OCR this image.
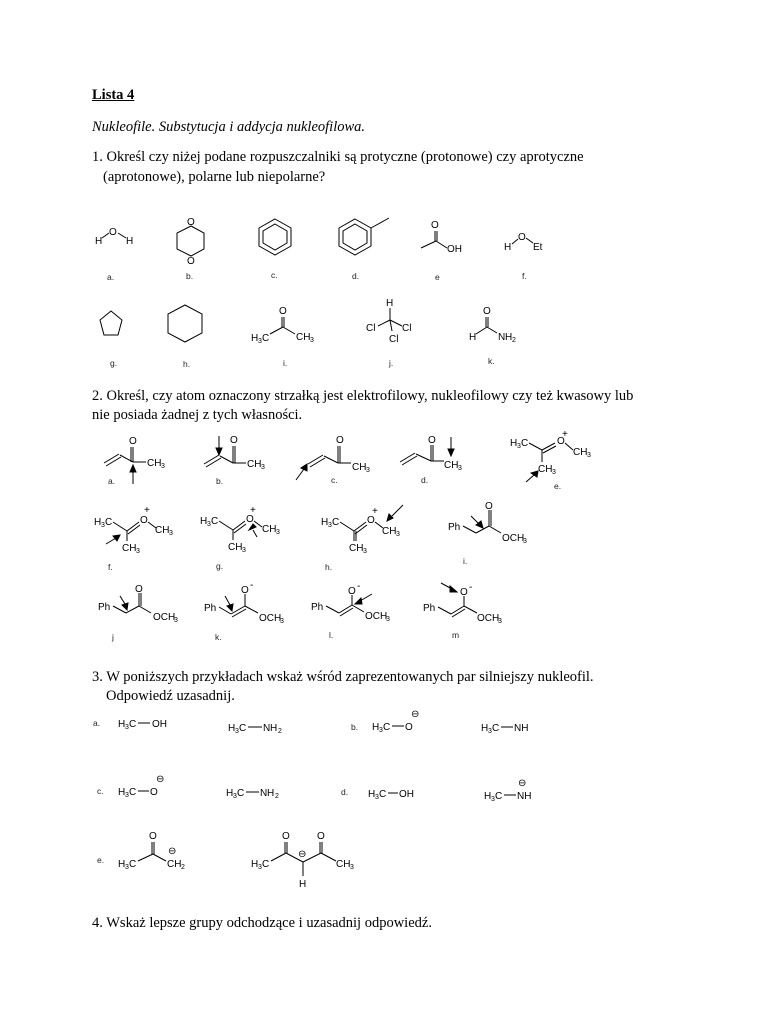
Lista 4
Nukleofile. Substytucja i addycja nukleofilowa.
1. Określ czy niżej podane rozpuszczalniki są protyczne (protonowe) czy aprotyczne
(aprotonowe), polarne lub niepolarne?
2. Określ, czy atom oznaczony strzałką jest elektrofilowy, nukleofilowy czy też kwasowy lub
nie posiada żadnej z tych własności.
3. W poniższych przykładach wskaż wśród zaprezentowanych par silniejszy nukleofil.
Odpowiedź uzasadnij.
4. Wskaż lepsze grupy odchodzące i uzasadnij odpowiedź.
H
O
H
O
O
O
OH	H
O
Et
a.	b.	c.	d.	e	f.
O
H 3 C	CH 3
H
Cl	Cl
Cl
O
H N H 2
g.	h.	i.	j.	k.
O
CH 3
O
CH 3
O
CH 3
O
CH 3
H 3 C	O
+
CH 3
CH 3
a.	b.	c.	d.
e.
H 3 C	O
+
CH 3
CH 3
H 3 C	O
+
CH 3
CH 3
H 3 C	O
+
CH 3
CH 3
Ph
O
OCH
3
f.	g.	h.
i.
Ph
O
OCH
3
Ph
O -
OCH
3
Ph
O -
OCH
3
Ph
O -
OCH
3
j	k.	l.	m
a. H 3 C OH	H 3 C N H 2	b. H 3 C O
⊖
H 3 C NH
c. H 3 C O
⊖
H 3 C N H 2	d. H 3 C OH	H 3 C NH
⊖
e.
O
H 3 C	CH 2
⊖
O	O
H 3 C	CH 3
⊖
H
